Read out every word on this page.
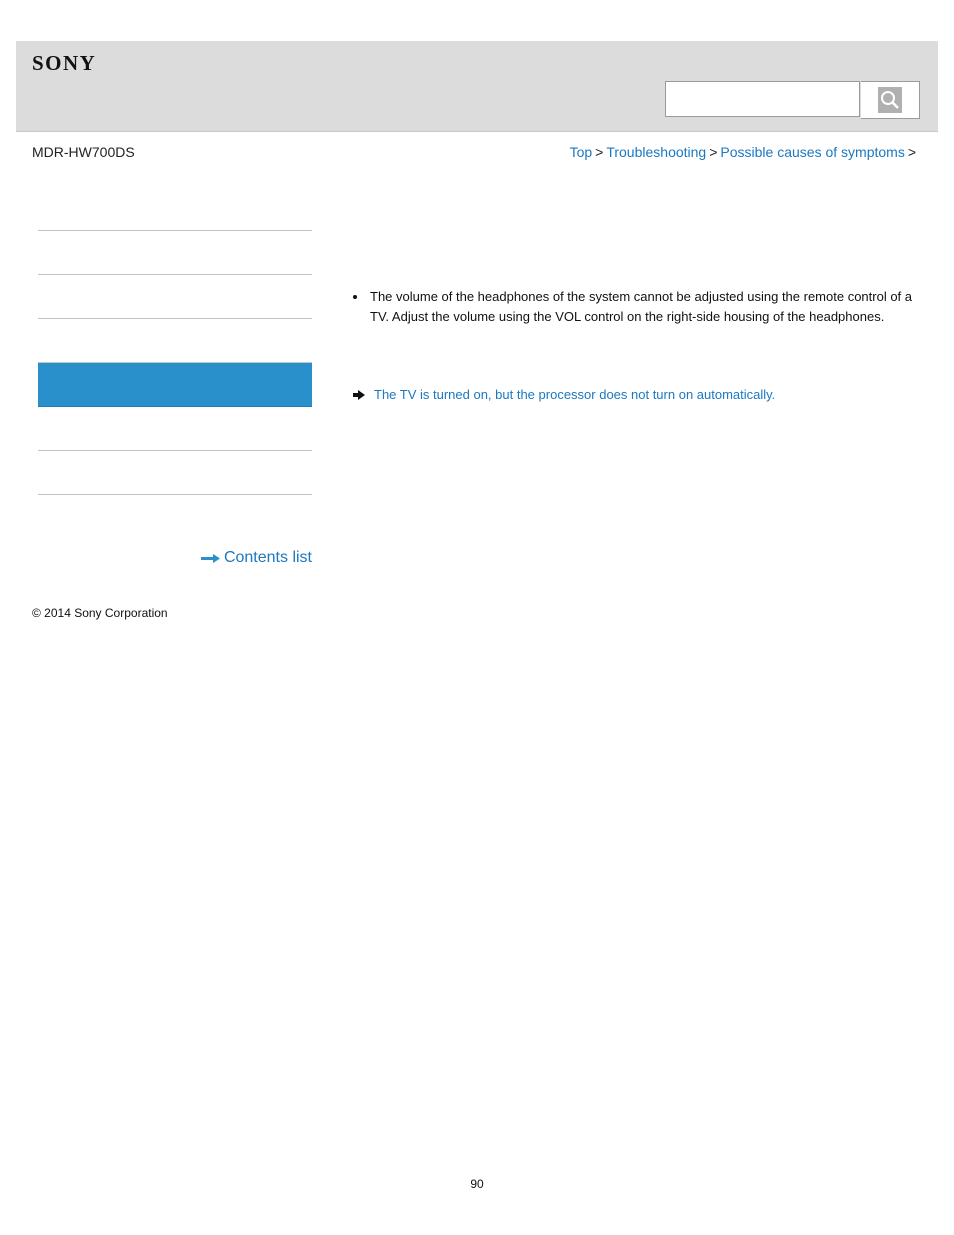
SONY
MDR-HW700DS	Top > Troubleshooting > Possible causes of symptoms >
Contents list
The volume of the headphones of the system cannot be adjusted using the remote control of a TV. Adjust the volume using the VOL control on the right-side housing of the headphones.
The TV is turned on, but the processor does not turn on automatically.
© 2014 Sony Corporation
90
